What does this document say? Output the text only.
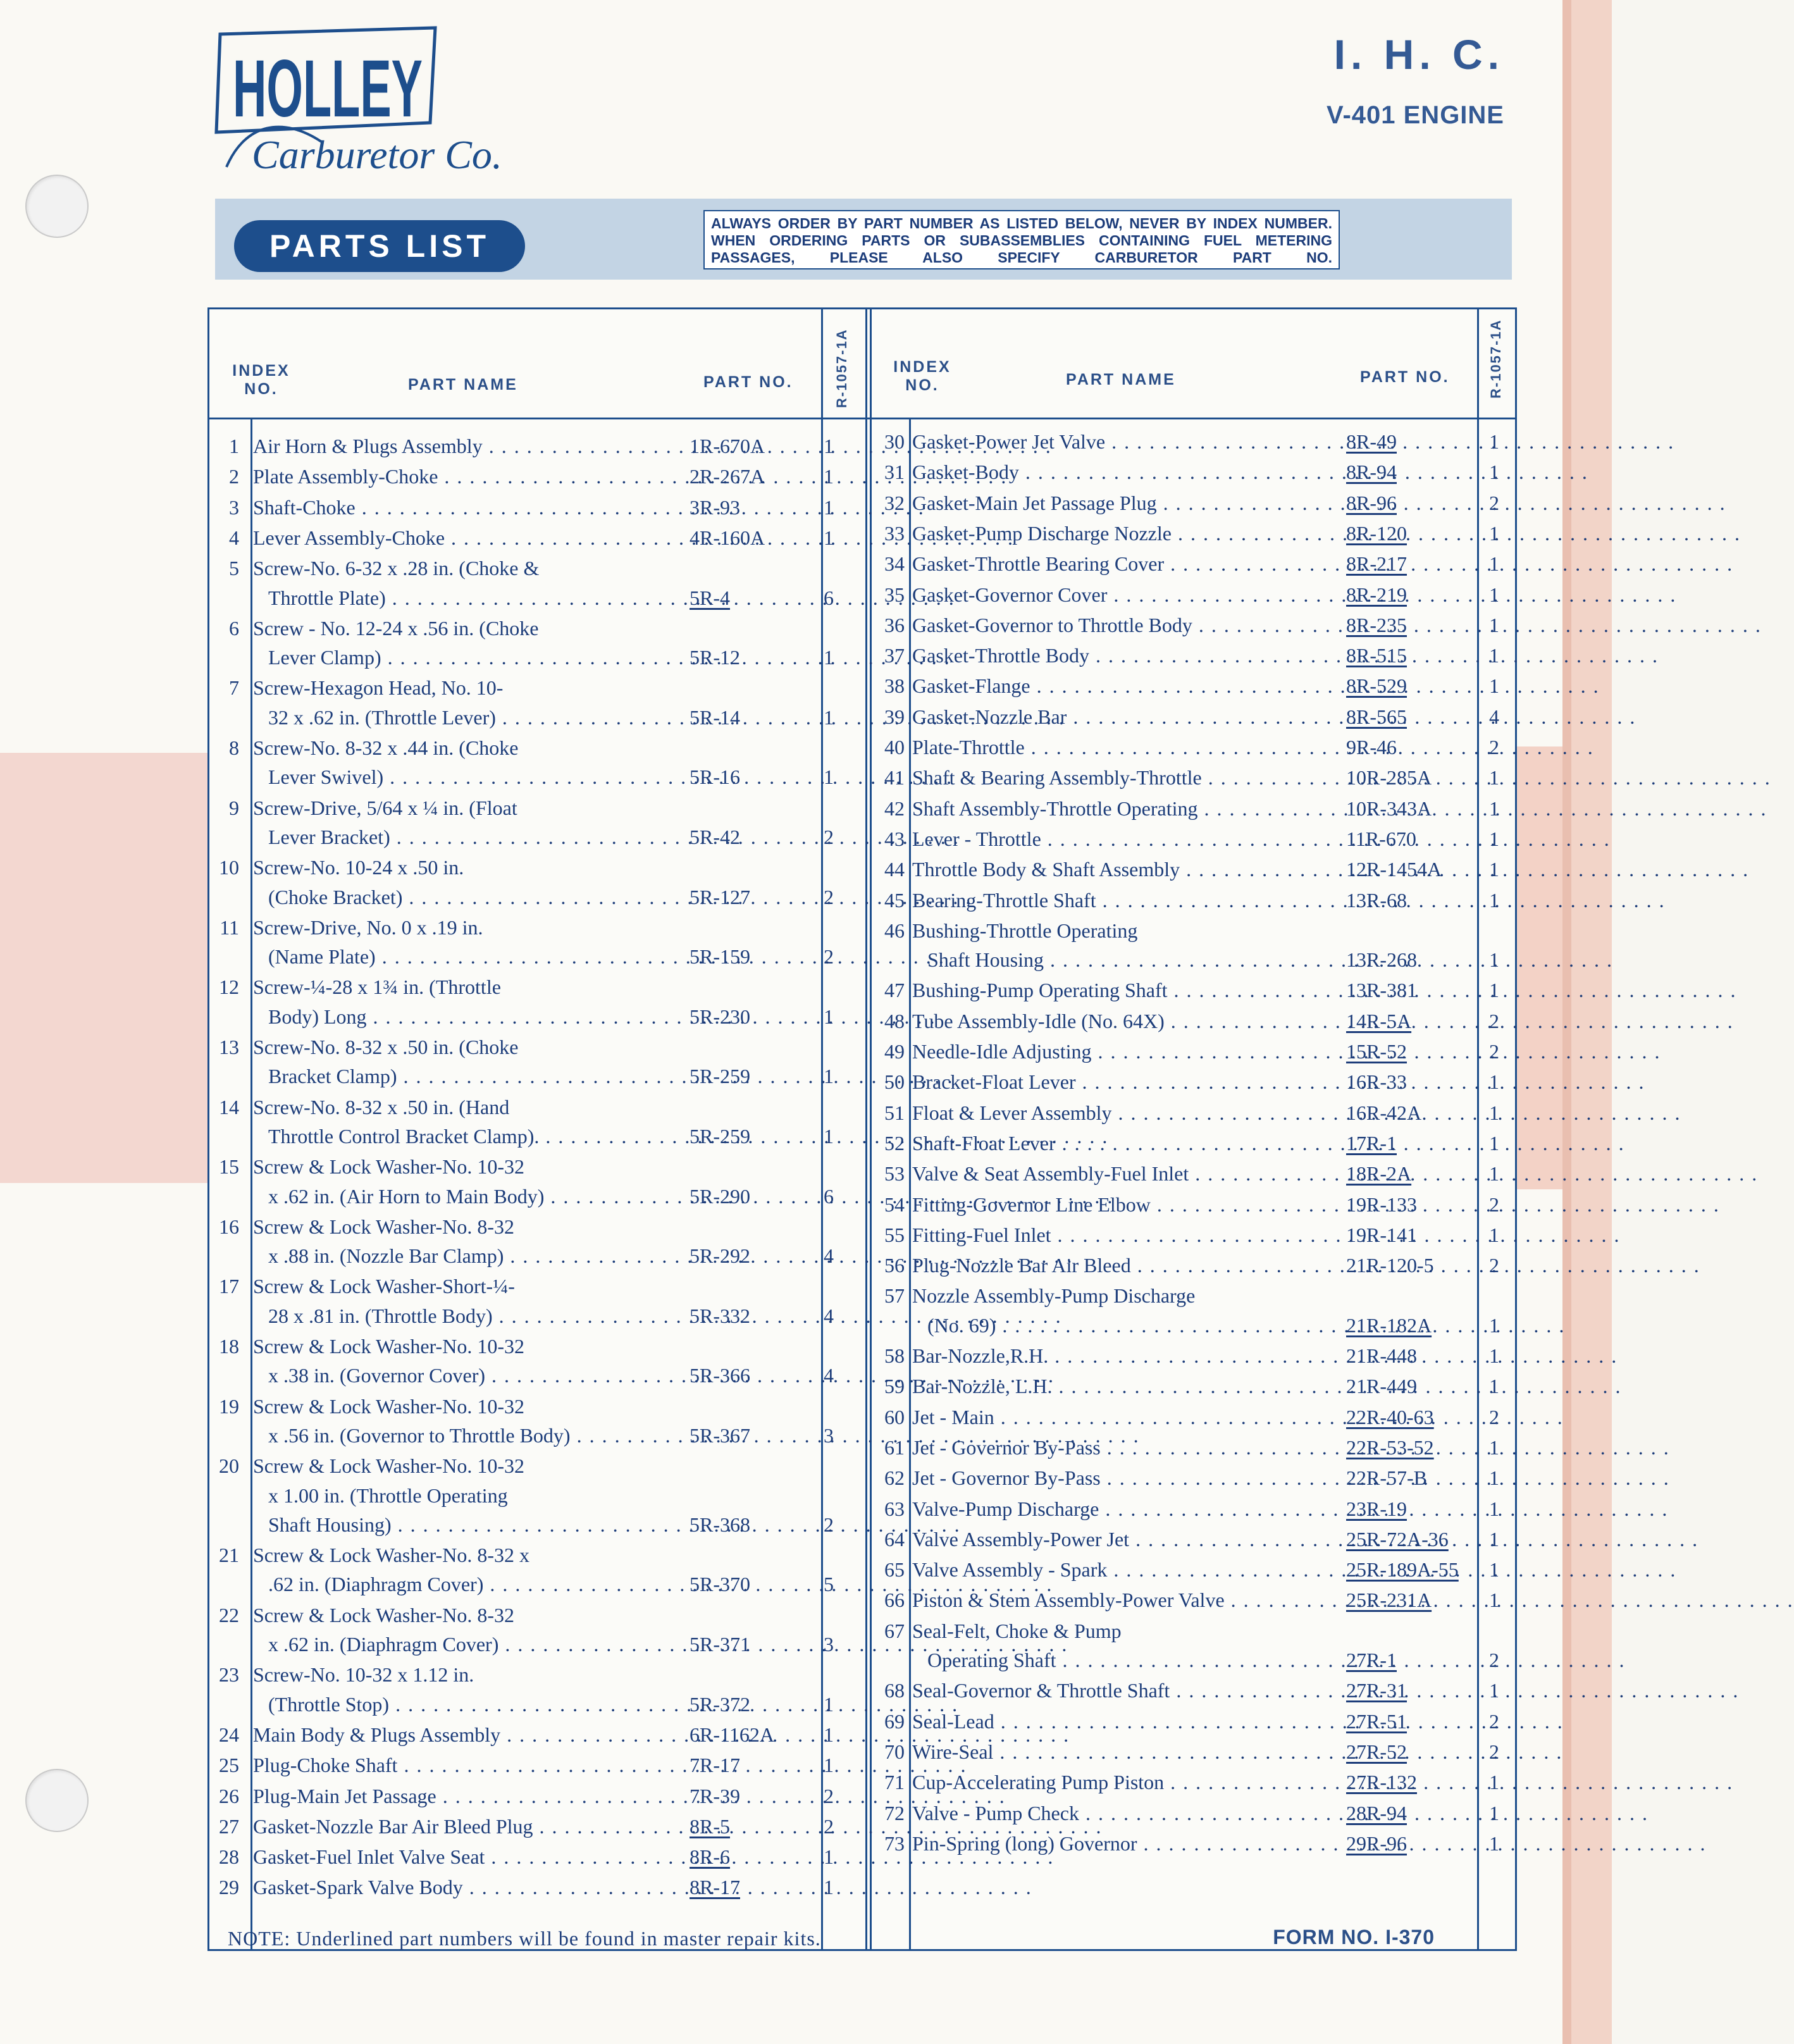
HOLLEY
Carburetor Co.
I. H. C.
V-401 ENGINE
PARTS LIST
ALWAYS ORDER BY PART NUMBER AS LISTED BELOW, NEVER BY INDEX NUMBER. WHEN ORDERING PARTS OR SUBASSEMBLIES CONTAINING FUEL METERING PASSAGES, PLEASE ALSO SPECIFY CARBURETOR PART NO.
INDEX NO.	PART NAME	PART NO.	R-1057-1A	INDEX NO.	PART NAME	PART NO.	R-1057-1A
1 Air Horn & Plugs Assembly . . .	1R-670A	1
2 Plate Assembly-Choke . . .	2R-267A	1
3 Shaft-Choke . . .	3R-93	1
4 Lever Assembly-Choke . . .	4R-160A	1
5 Screw-No. 6-32 x .28 in. (Choke &
Throttle Plate) . . .	5R-4	6
6 Screw - No. 12-24 x .56 in. (Choke
Lever Clamp) . . .	5R-12	1
7 Screw-Hexagon Head, No. 10-
32 x .62 in. (Throttle Lever) . . .	5R-14	1
8 Screw-No. 8-32 x .44 in. (Choke
Lever Swivel) . . .	5R-16	1
9 Screw-Drive, 5/64 x ¼ in. (Float
Lever Bracket) . . .	5R-42	2
10 Screw-No. 10-24 x .50 in.
(Choke Bracket) . . .	5R-127	2
11 Screw-Drive, No. 0 x .19 in.
(Name Plate) . . .	5R-159	2
12 Screw-¼-28 x 1¾ in. (Throttle
Body) Long . . .	5R-230	1
13 Screw-No. 8-32 x .50 in. (Choke
Bracket Clamp) . . .	5R-259	1
14 Screw-No. 8-32 x .50 in. (Hand
Throttle Control Bracket Clamp). . . .	5R-259	1
15 Screw & Lock Washer-No. 10-32
x .62 in. (Air Horn to Main Body) . . .	5R-290	6
16 Screw & Lock Washer-No. 8-32
x .88 in. (Nozzle Bar Clamp) . . .	5R-292	4
17 Screw & Lock Washer-Short-¼-
28 x .81 in. (Throttle Body) . . .	5R-332	4
18 Screw & Lock Washer-No. 10-32
x .38 in. (Governor Cover) . . .	5R-366	4
19 Screw & Lock Washer-No. 10-32
x .56 in. (Governor to Throttle Body) . . .	5R-367	3
20 Screw & Lock Washer-No. 10-32
x 1.00 in. (Throttle Operating
Shaft Housing) . . .	5R-368	2
21 Screw & Lock Washer-No. 8-32 x
.62 in. (Diaphragm Cover) . . .	5R-370	5
22 Screw & Lock Washer-No. 8-32
x .62 in. (Diaphragm Cover) . . .	5R-371	3
23 Screw-No. 10-32 x 1.12 in.
(Throttle Stop) . . .	5R-372	1
24 Main Body & Plugs Assembly . . .	6R-1162A	1
25 Plug-Choke Shaft . . .	7R-17	1
26 Plug-Main Jet Passage . . .	7R-39	2
27 Gasket-Nozzle Bar Air Bleed Plug . . .	8R-5	2
28 Gasket-Fuel Inlet Valve Seat . . .	8R-6	1
29 Gasket-Spark Valve Body . . .	8R-17	1
30 Gasket-Power Jet Valve . . .	8R-49	1
31 Gasket-Body . . .	8R-94	1
32 Gasket-Main Jet Passage Plug . . .	8R-96	2
33 Gasket-Pump Discharge Nozzle . . .	8R-120	1
34 Gasket-Throttle Bearing Cover . . .	8R-217	1
35 Gasket-Governor Cover . . .	8R-219	1
36 Gasket-Governor to Throttle Body . . .	8R-235	1
37 Gasket-Throttle Body . . .	8R-515	1
38 Gasket-Flange . . .	8R-529	1
39 Gasket-Nozzle Bar . . .	8R-565	4
40 Plate-Throttle . . .	9R-46	2
41 Shaft & Bearing Assembly-Throttle . . .	10R-285A	1
42 Shaft Assembly-Throttle Operating . . .	10R-343A	1
43 Lever - Throttle . . .	11R-670	1
44 Throttle Body & Shaft Assembly . . .	12R-1454A	1
45 Bearing-Throttle Shaft . . .	13R-68	1
46 Bushing-Throttle Operating
Shaft Housing . . .	13R-268	1
47 Bushing-Pump Operating Shaft . . .	13R-381	1
48 Tube Assembly-Idle (No. 64X) . . .	14R-5A	2
49 Needle-Idle Adjusting . . .	15R-52	2
50 Bracket-Float Lever . . .	16R-33	1
51 Float & Lever Assembly . . .	16R-42A	1
52 Shaft-Float Lever . . .	17R-1	1
53 Valve & Seat Assembly-Fuel Inlet . . .	18R-2A	1
54 Fitting-Governor Line Elbow . . .	19R-133	2
55 Fitting-Fuel Inlet . . .	19R-141	1
56 Plug-Nozzle Bar Air Bleed . . .	21R-120-5	2
57 Nozzle Assembly-Pump Discharge
(No. 69) . . .	21R-182A	1
58 Bar-Nozzle,R.H. . . .	21R-448	1
59 Bar-Nozzle, L.H. . . .	21R-449	1
60 Jet - Main . . .	22R-40-63	2
61 Jet - Governor By-Pass . . .	22R-53-52	1
62 Jet - Governor By-Pass . . .	22R-57-B	1
63 Valve-Pump Discharge . . .	23R-19	1
64 Valve Assembly-Power Jet . . .	25R-72A-36	1
65 Valve Assembly - Spark . . .	25R-189A-55	1
66 Piston & Stem Assembly-Power Valve . . .	25R-231A	1
67 Seal-Felt, Choke & Pump
Operating Shaft . . .	27R-1	2
68 Seal-Governor & Throttle Shaft . . .	27R-31	1
69 Seal-Lead . . .	27R-51	2
70 Wire-Seal . . .	27R-52	2
71 Cup-Accelerating Pump Piston . . .	27R-132	1
72 Valve - Pump Check . . .	28R-94	1
73 Pin-Spring (long) Governor . . .	29R-96	1
NOTE: Underlined part numbers will be found in master repair kits.	FORM NO. I-370
